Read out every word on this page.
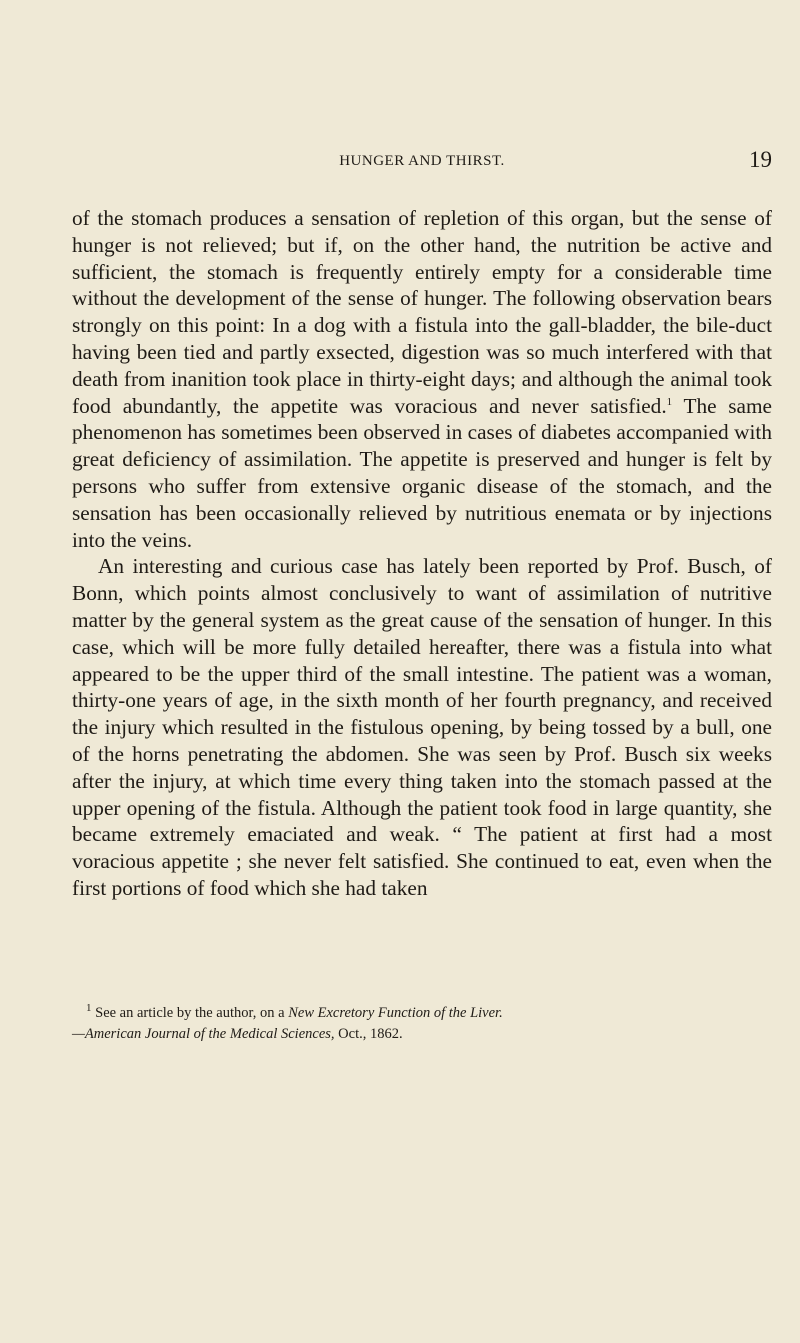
HUNGER AND THIRST.	19

of the stomach produces a sensation of repletion of this organ, but the sense of hunger is not relieved; but if, on the other hand, the nutrition be active and sufficient, the stomach is frequently entirely empty for a considerable time without the development of the sense of hunger. The following observation bears strongly on this point: In a dog with a fistula into the gall-bladder, the bile-duct having been tied and partly exsected, digestion was so much interfered with that death from inanition took place in thirty-eight days; and although the animal took food abundantly, the appetite was voracious and never satisfied.$^1$ The same phenomenon has sometimes been observed in cases of diabetes accompanied with great deficiency of assimilation. The appetite is preserved and hunger is felt by persons who suffer from extensive organic disease of the stomach, and the sensation has been occasionally relieved by nutritious enemata or by injections into the veins.

An interesting and curious case has lately been reported by Prof. Busch, of Bonn, which points almost conclusively to want of assimilation of nutritive matter by the general system as the great cause of the sensation of hunger. In this case, which will be more fully detailed hereafter, there was a fistula into what appeared to be the upper third of the small intestine. The patient was a woman, thirty-one years of age, in the sixth month of her fourth pregnancy, and received the injury which resulted in the fistulous opening, by being tossed by a bull, one of the horns penetrating the abdomen. She was seen by Prof. Busch six weeks after the injury, at which time every thing taken into the stomach passed at the upper opening of the fistula. Although the patient took food in large quantity, she became extremely emaciated and weak. “ The patient at first had a most voracious appetite ; she never felt satisfied. She continued to eat, even when the first portions of food which she had taken

$^1$ See an article by the author, on a New Excretory Function of the Liver.

—American Journal of the Medical Sciences, Oct., 1862.
